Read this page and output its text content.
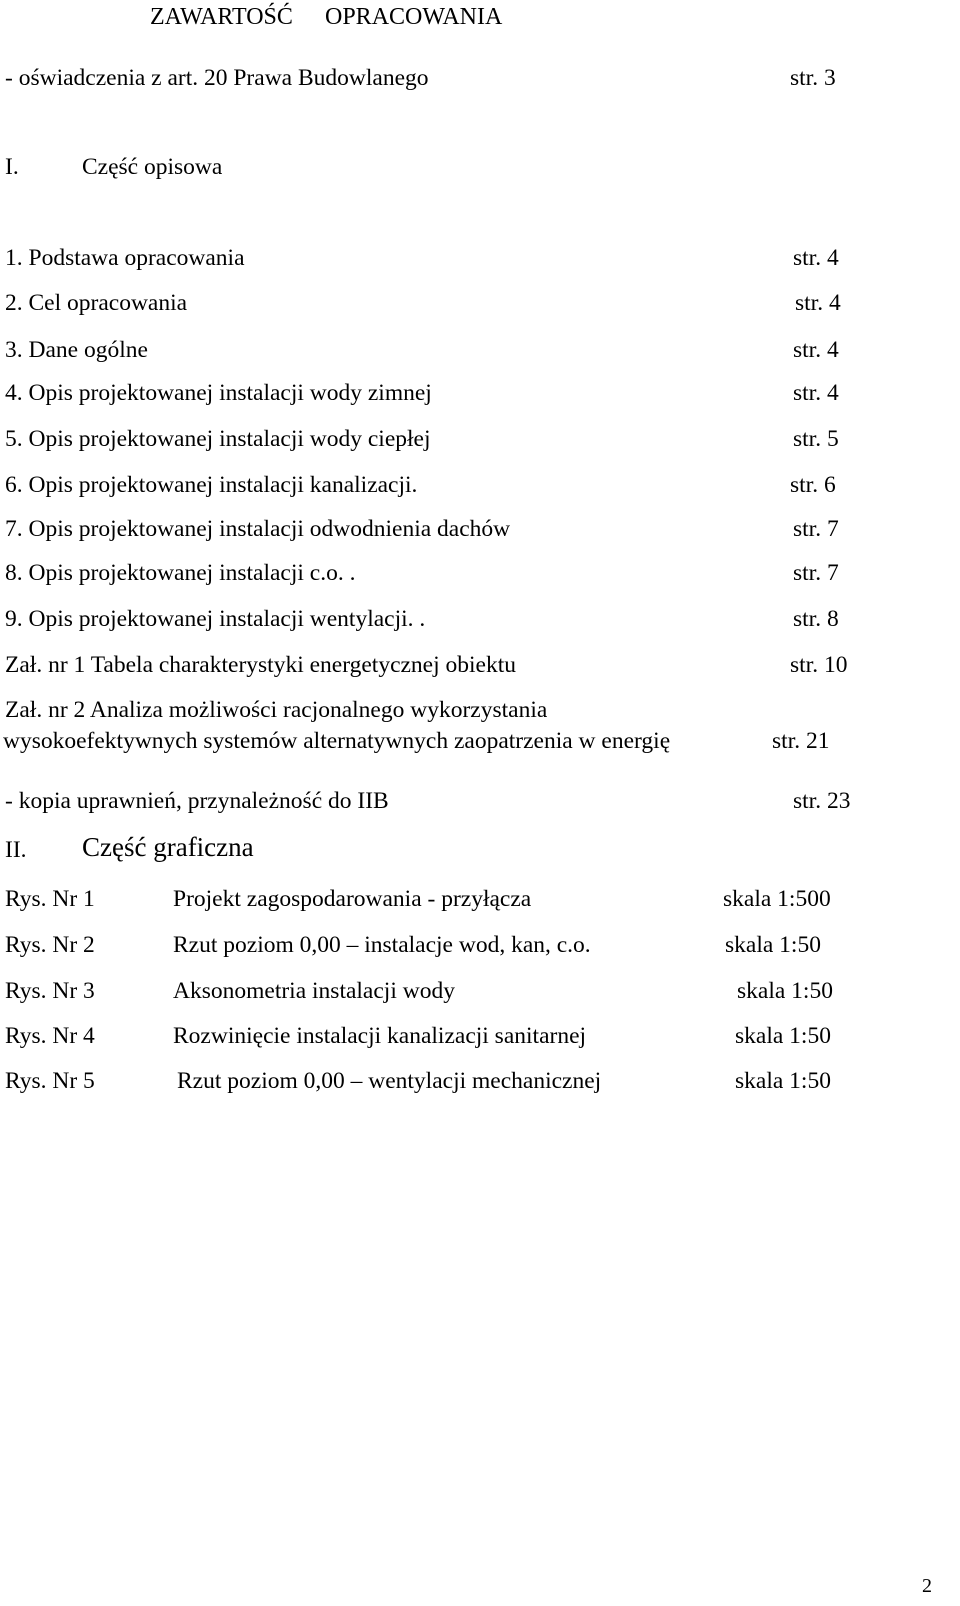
ZAWARTOŚĆ OPRACOWANIA
- oświadczenia z art. 20 Prawa Budowlanego	str. 3
I.	Część opisowa
1. Podstawa opracowania	str. 4
2. Cel opracowania	str. 4
3. Dane ogólne	str. 4
4. Opis projektowanej instalacji wody zimnej	str. 4
5. Opis projektowanej instalacji wody ciepłej	str. 5
6. Opis projektowanej instalacji kanalizacji.	str. 6
7. Opis projektowanej instalacji odwodnienia dachów	str. 7
8. Opis projektowanej instalacji c.o. .	str. 7
9. Opis projektowanej instalacji wentylacji. .	str. 8
Zał. nr 1 Tabela charakterystyki energetycznej obiektu	str. 10
Zał. nr 2 Analiza możliwości racjonalnego wykorzystania
wysokoefektywnych systemów alternatywnych zaopatrzenia w energię	str. 21
- kopia uprawnień, przynależność do IIB	str. 23
II. Część graficzna
Rys. Nr 1	Projekt zagospodarowania - przyłącza	skala 1:500
Rys. Nr 2	Rzut poziom 0,00 – instalacje wod, kan, c.o.	skala 1:50
Rys. Nr 3	Aksonometria instalacji wody	skala 1:50
Rys. Nr 4	Rozwinięcie instalacji kanalizacji sanitarnej	skala 1:50
Rys. Nr 5	Rzut poziom 0,00 – wentylacji mechanicznej	skala 1:50
2
